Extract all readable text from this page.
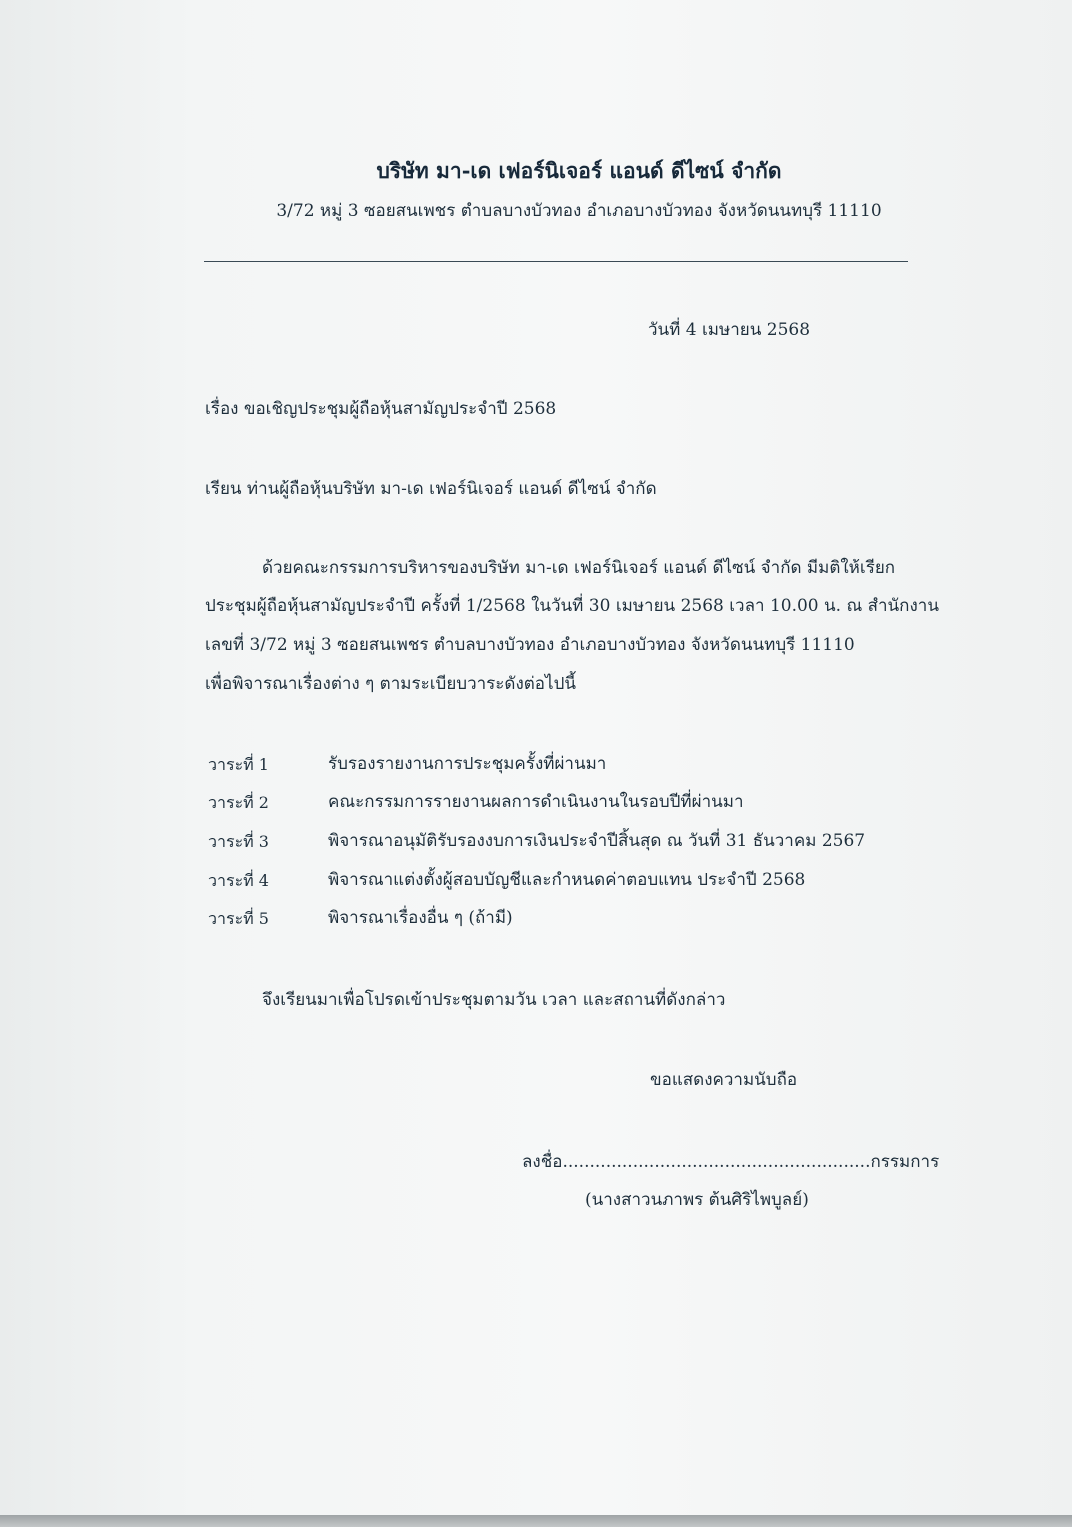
บริษัท มา-เด เฟอร์นิเจอร์ แอนด์ ดีไซน์ จำกัด
3/72 หมู่ 3 ซอยสนเพชร ตำบลบางบัวทอง อำเภอบางบัวทอง จังหวัดนนทบุรี 11110
วันที่ 4 เมษายน 2568
เรื่อง ขอเชิญประชุมผู้ถือหุ้นสามัญประจำปี 2568
เรียน ท่านผู้ถือหุ้นบริษัท มา-เด เฟอร์นิเจอร์ แอนด์ ดีไซน์ จำกัด
ด้วยคณะกรรมการบริหารของบริษัท มา-เด เฟอร์นิเจอร์ แอนด์ ดีไซน์ จำกัด มีมติให้เรียก
ประชุมผู้ถือหุ้นสามัญประจำปี ครั้งที่ 1/2568 ในวันที่ 30 เมษายน 2568 เวลา 10.00 น. ณ สำนักงาน
เลขที่ 3/72 หมู่ 3 ซอยสนเพชร ตำบลบางบัวทอง อำเภอบางบัวทอง จังหวัดนนทบุรี 11110
เพื่อพิจารณาเรื่องต่าง ๆ ตามระเบียบวาระดังต่อไปนี้
วาระที่ 1	รับรองรายงานการประชุมครั้งที่ผ่านมา
วาระที่ 2	คณะกรรมการรายงานผลการดำเนินงานในรอบปีที่ผ่านมา
วาระที่ 3	พิจารณาอนุมัติรับรองงบการเงินประจำปีสิ้นสุด ณ วันที่ 31 ธันวาคม 2567
วาระที่ 4	พิจารณาแต่งตั้งผู้สอบบัญชีและกำหนดค่าตอบแทน ประจำปี 2568
วาระที่ 5	พิจารณาเรื่องอื่น ๆ (ถ้ามี)
จึงเรียนมาเพื่อโปรดเข้าประชุมตามวัน เวลา และสถานที่ดังกล่าว
ขอแสดงความนับถือ
ลงชื่อ.........................................................กรรมการ
(นางสาวนภาพร ต้นศิริไพบูลย์)
